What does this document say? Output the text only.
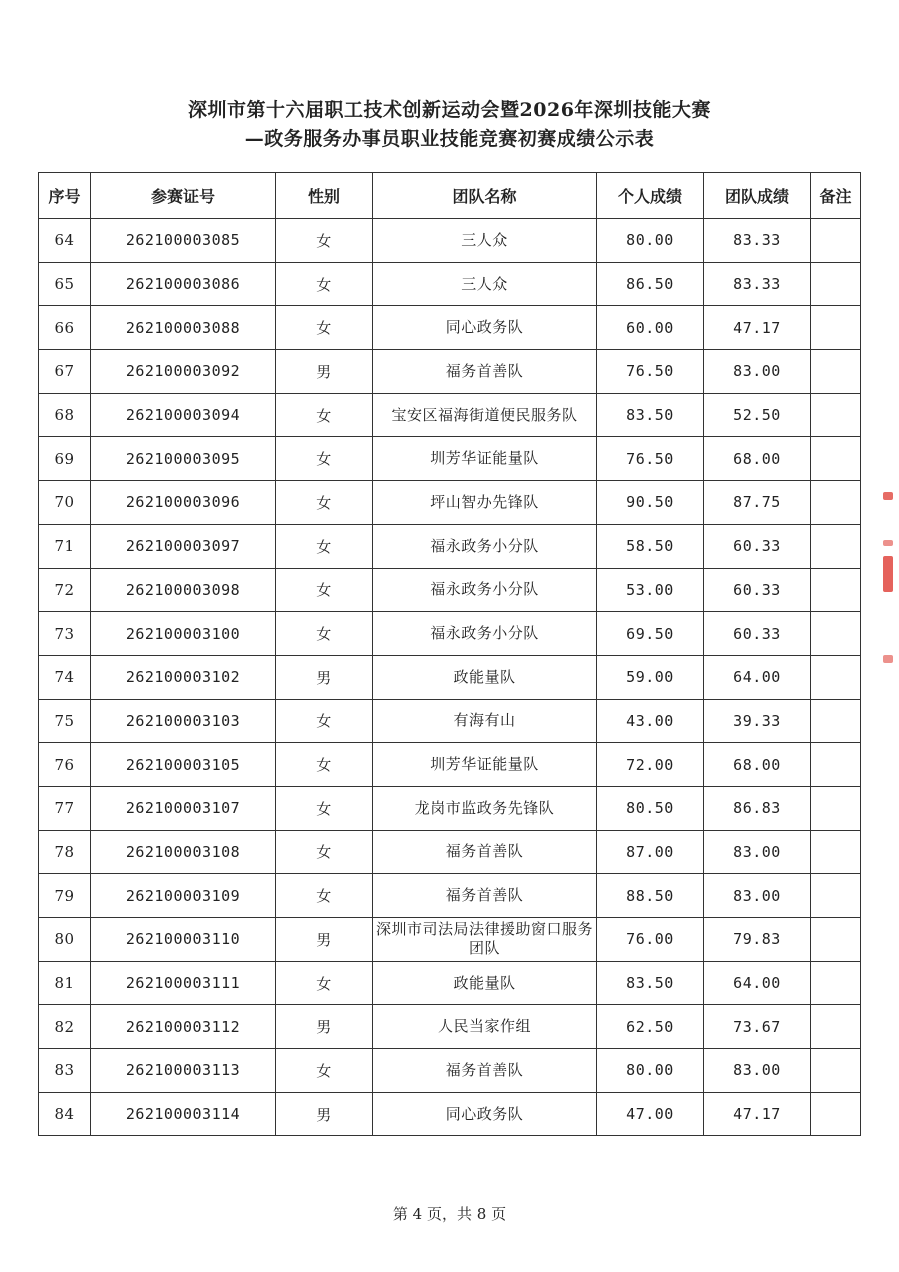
深圳市第十六届职工技术创新运动会暨2026年深圳技能大赛
—政务服务办事员职业技能竞赛初赛成绩公示表
序号	参赛证号	性别	团队名称	个人成绩	团队成绩	备注
64	262100003085	女	三人众	80.00	83.33	
65	262100003086	女	三人众	86.50	83.33	
66	262100003088	女	同心政务队	60.00	47.17	
67	262100003092	男	福务首善队	76.50	83.00	
68	262100003094	女	宝安区福海街道便民服务队	83.50	52.50	
69	262100003095	女	圳芳华证能量队	76.50	68.00	
70	262100003096	女	坪山智办先锋队	90.50	87.75	
71	262100003097	女	福永政务小分队	58.50	60.33	
72	262100003098	女	福永政务小分队	53.00	60.33	
73	262100003100	女	福永政务小分队	69.50	60.33	
74	262100003102	男	政能量队	59.00	64.00	
75	262100003103	女	有海有山	43.00	39.33	
76	262100003105	女	圳芳华证能量队	72.00	68.00	
77	262100003107	女	龙岗市监政务先锋队	80.50	86.83	
78	262100003108	女	福务首善队	87.00	83.00	
79	262100003109	女	福务首善队	88.50	83.00	
80	262100003110	男	深圳市司法局法律援助窗口服务团队	76.00	79.83	
81	262100003111	女	政能量队	83.50	64.00	
82	262100003112	男	人民当家作组	62.50	73.67	
83	262100003113	女	福务首善队	80.00	83.00	
84	262100003114	男	同心政务队	47.00	47.17	
第 4 页，共 8 页
